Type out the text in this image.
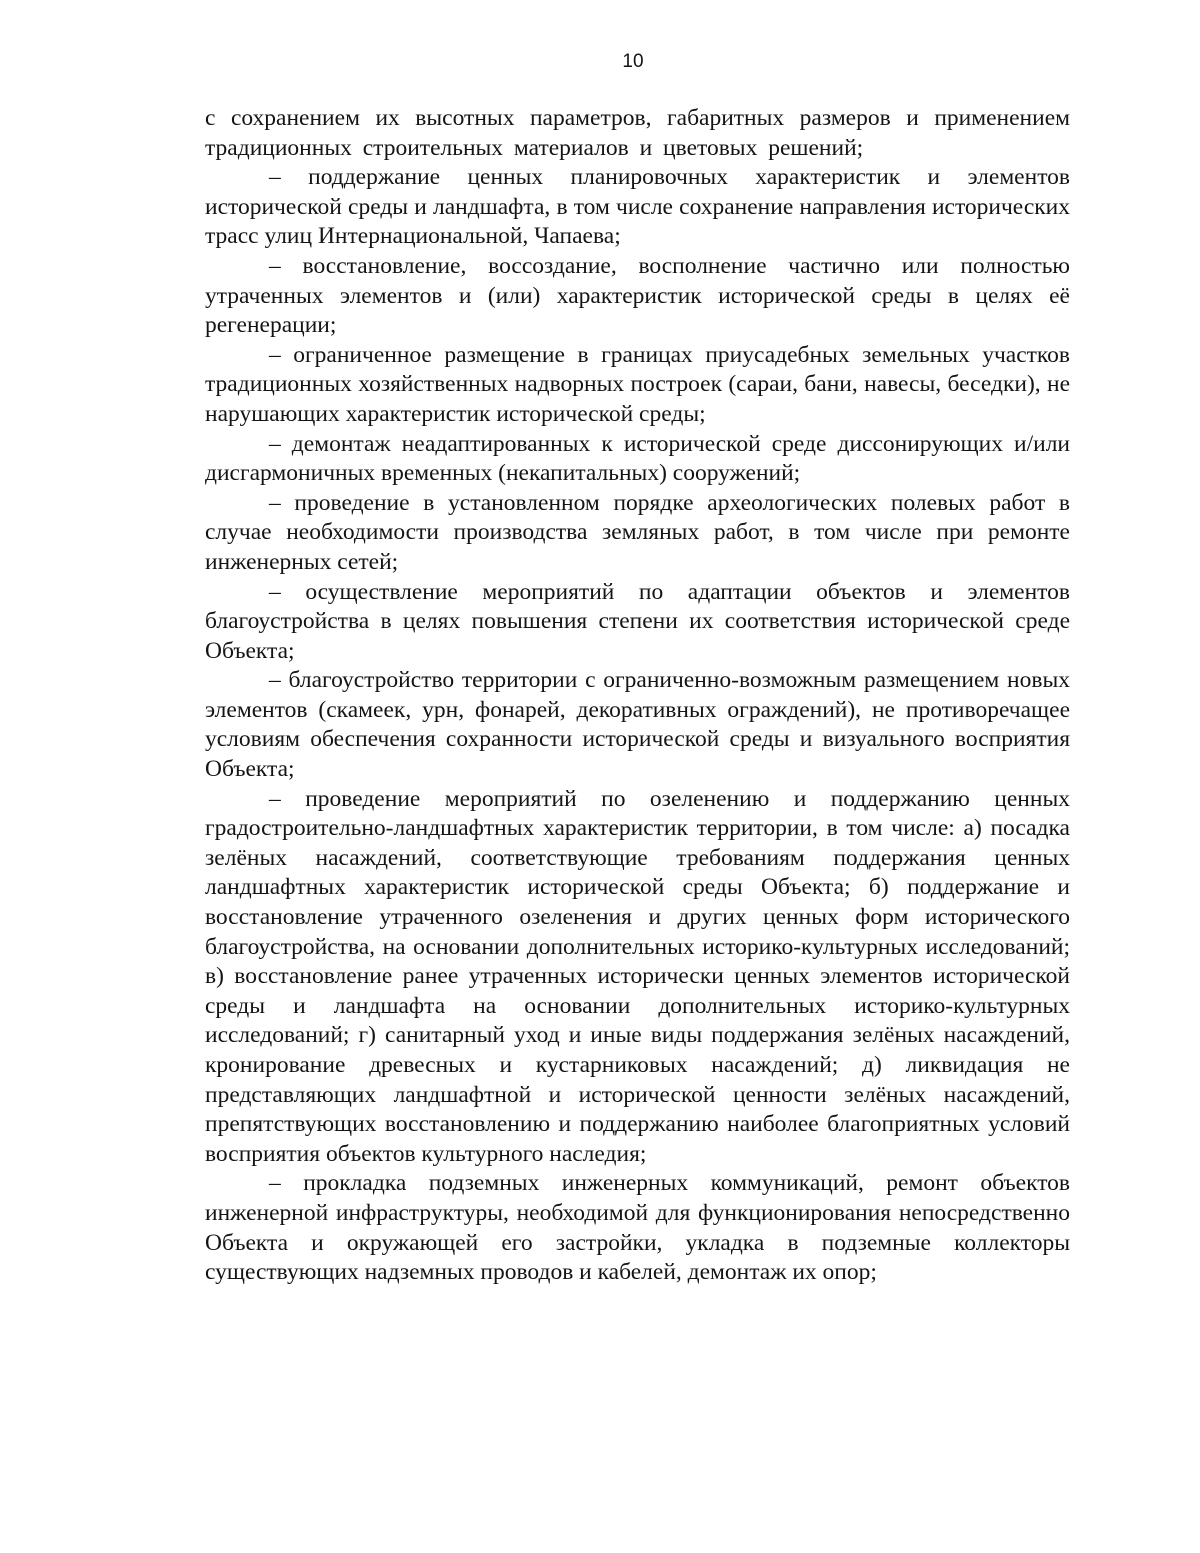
10

с сохранением их высотных параметров, габаритных размеров и применением традиционных строительных материалов и цветовых решений;

– поддержание ценных планировочных характеристик и элементов исторической среды и ландшафта, в том числе сохранение направления исторических трасс улиц Интернациональной, Чапаева;

– восстановление, воссоздание, восполнение частично или полностью утраченных элементов и (или) характеристик исторической среды в целях её регенерации;

– ограниченное размещение в границах приусадебных земельных участков традиционных хозяйственных надворных построек (сараи, бани, навесы, беседки), не нарушающих характеристик исторической среды;

– демонтаж неадаптированных к исторической среде диссонирующих и/или дисгармоничных временных (некапитальных) сооружений;

– проведение в установленном порядке археологических полевых работ в случае необходимости производства земляных работ, в том числе при ремонте инженерных сетей;

– осуществление мероприятий по адаптации объектов и элементов благоустройства в целях повышения степени их соответствия исторической среде Объекта;

– благоустройство территории с ограниченно-возможным размещением новых элементов (скамеек, урн, фонарей, декоративных ограждений), не противоречащее условиям обеспечения сохранности исторической среды и визуального восприятия Объекта;

– проведение мероприятий по озеленению и поддержанию ценных градостроительно-ландшафтных характеристик территории, в том числе: а) посадка зелёных насаждений, соответствующие требованиям поддержания ценных ландшафтных характеристик исторической среды Объекта; б) поддержание и восстановление утраченного озеленения и других ценных форм исторического благоустройства, на основании дополнительных историко-культурных исследований; в) восстановление ранее утраченных исторически ценных элементов исторической среды и ландшафта на основании дополнительных историко-культурных исследований; г) санитарный уход и иные виды поддержания зелёных насаждений, кронирование древесных и кустарниковых насаждений; д) ликвидация не представляющих ландшафтной и исторической ценности зелёных насаждений, препятствующих восстановлению и поддержанию наиболее благоприятных условий восприятия объектов культурного наследия;

– прокладка подземных инженерных коммуникаций, ремонт объектов инженерной инфраструктуры, необходимой для функционирования непосредственно Объекта и окружающей его застройки, укладка в подземные коллекторы существующих надземных проводов и кабелей, демонтаж их опор;
